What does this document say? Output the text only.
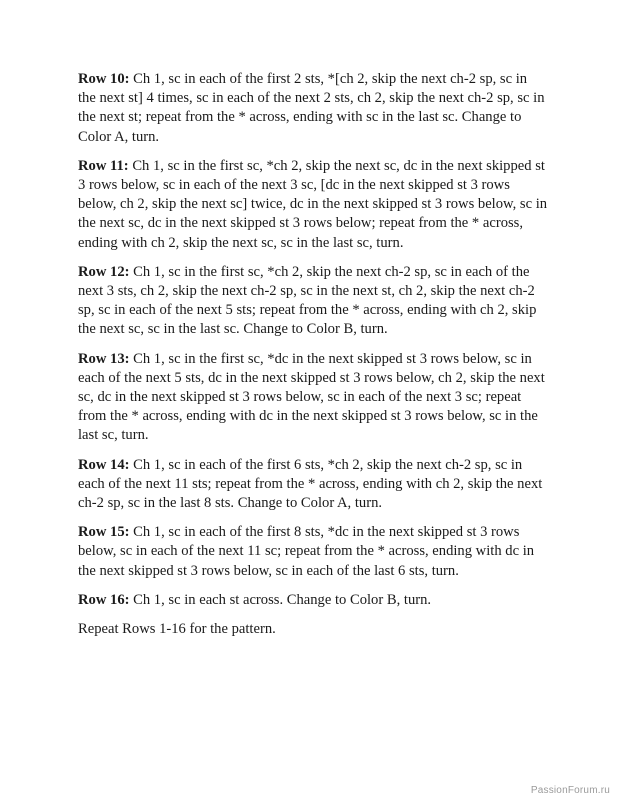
Row 10: Ch 1, sc in each of the first 2 sts, *[ch 2, skip the next ch-2 sp, sc in the next st] 4 times, sc in each of the next 2 sts, ch 2, skip the next ch-2 sp, sc in the next st; repeat from the * across, ending with sc in the last sc. Change to Color A, turn.

Row 11: Ch 1, sc in the first sc, *ch 2, skip the next sc, dc in the next skipped st 3 rows below, sc in each of the next 3 sc, [dc in the next skipped st 3 rows below, ch 2, skip the next sc] twice, dc in the next skipped st 3 rows below, sc in the next sc, dc in the next skipped st 3 rows below; repeat from the * across, ending with ch 2, skip the next sc, sc in the last sc, turn.

Row 12: Ch 1, sc in the first sc, *ch 2, skip the next ch-2 sp, sc in each of the next 3 sts, ch 2, skip the next ch-2 sp, sc in the next st, ch 2, skip the next ch-2 sp, sc in each of the next 5 sts; repeat from the * across, ending with ch 2, skip the next sc, sc in the last sc. Change to Color B, turn.

Row 13: Ch 1, sc in the first sc, *dc in the next skipped st 3 rows below, sc in each of the next 5 sts, dc in the next skipped st 3 rows below, ch 2, skip the next sc, dc in the next skipped st 3 rows below, sc in each of the next 3 sc; repeat from the * across, ending with dc in the next skipped st 3 rows below, sc in the last sc, turn.

Row 14: Ch 1, sc in each of the first 6 sts, *ch 2, skip the next ch-2 sp, sc in each of the next 11 sts; repeat from the * across, ending with ch 2, skip the next ch-2 sp, sc in the last 8 sts. Change to Color A, turn.

Row 15: Ch 1, sc in each of the first 8 sts, *dc in the next skipped st 3 rows below, sc in each of the next 11 sc; repeat from the * across, ending with dc in the next skipped st 3 rows below, sc in each of the last 6 sts, turn.

Row 16: Ch 1, sc in each st across. Change to Color B, turn.

Repeat Rows 1-16 for the pattern.

PassionForum.ru
